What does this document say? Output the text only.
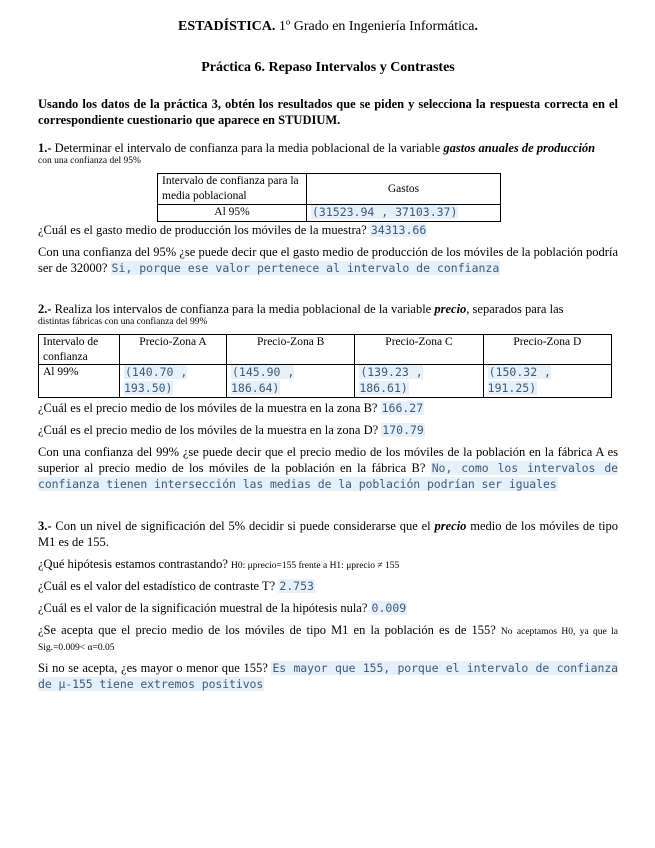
ESTADÍSTICA. 1º Grado en Ingeniería Informática.
Práctica 6. Repaso Intervalos y Contrastes

Usando los datos de la práctica 3, obtén los resultados que se piden y selecciona la respuesta correcta en el correspondiente cuestionario que aparece en STUDIUM.

1.- Determinar el intervalo de confianza para la media poblacional de la variable gastos anuales de producción

con una confianza del 95%

Intervalo de confianza para la media poblacional	Gastos
Al 95%	(31523.94 , 37103.37)

¿Cuál es el gasto medio de producción los móviles de la muestra? 34313.66

Con una confianza del 95% ¿se puede decir que el gasto medio de producción de los móviles de la población podría ser de 32000? Si, porque ese valor pertenece al intervalo de confianza

2.- Realiza los intervalos de confianza para la media poblacional de la variable precio, separados para las

distintas fábricas con una confianza del 99%

Intervalo de confianza	Precio-Zona A	Precio-Zona B	Precio-Zona C	Precio-Zona D
Al 99%	(140.70 , 193.50)	(145.90 , 186.64)	(139.23 , 186.61)	(150.32 , 191.25)

¿Cuál es el precio medio de los móviles de la muestra en la zona B? 166.27

¿Cuál es el precio medio de los móviles de la muestra en la zona D? 170.79

Con una confianza del 99% ¿se puede decir que el precio medio de los móviles de la población en la fábrica A es superior al precio medio de los móviles de la población en la fábrica B? No, como los intervalos de confianza tienen intersección las medias de la población podrían ser iguales

3.- Con un nivel de significación del 5% decidir si puede considerarse que el precio medio de los móviles de tipo M1 es de 155.

¿Qué hipótesis estamos contrastando? H0: μprecio=155 frente a H1: μprecio ≠ 155

¿Cuál es el valor del estadístico de contraste T? 2.753

¿Cuál es el valor de la significación muestral de la hipótesis nula? 0.009

¿Se acepta que el precio medio de los móviles de tipo M1 en la población es de 155? No aceptamos H0, ya que la Sig.=0.009< α=0.05

Si no se acepta, ¿es mayor o menor que 155? Es mayor que 155, porque el intervalo de confianza de μ-155 tiene extremos positivos
